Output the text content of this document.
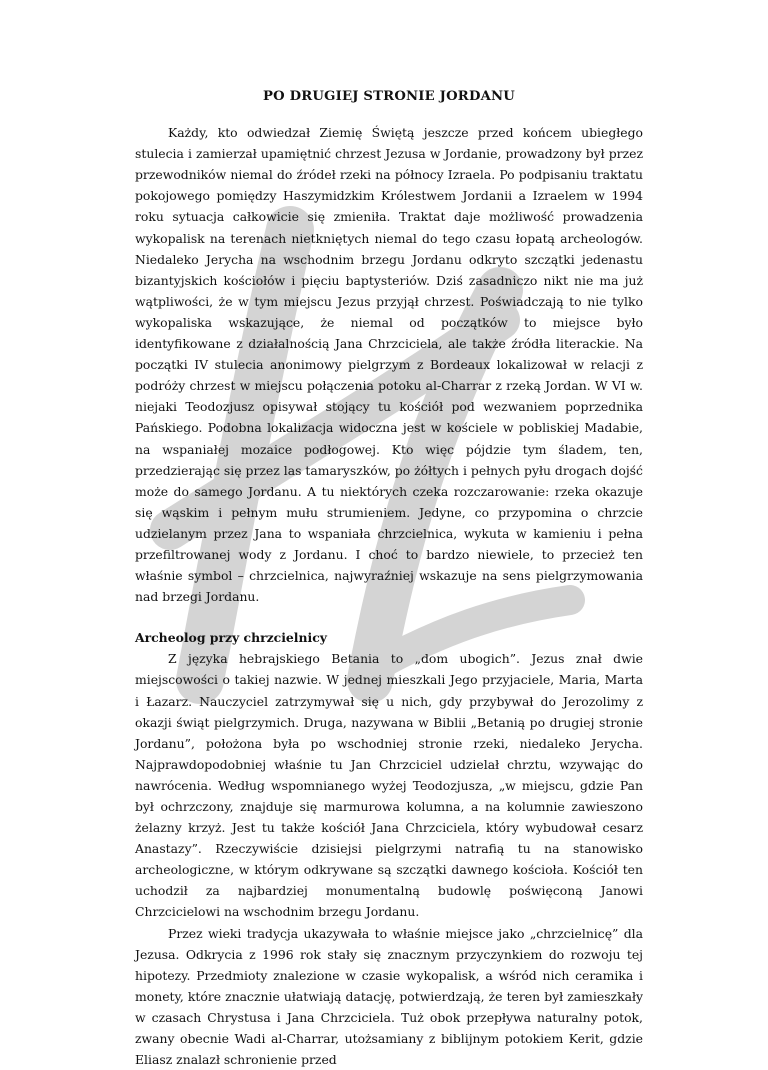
PO DRUGIEJ STRONIE JORDANU

Każdy, kto odwiedzał Ziemię Świętą jeszcze przed końcem ubiegłego stulecia i zamierzał upamiętnić chrzest Jezusa w Jordanie, prowadzony był przez przewodników niemal do źródeł rzeki na północy Izraela. Po podpisaniu traktatu pokojowego pomiędzy Haszymidzkim Królestwem Jordanii a Izraelem w 1994 roku sytuacja całkowicie się zmieniła. Traktat daje możliwość prowadzenia wykopalisk na terenach nietkniętych niemal do tego czasu łopatą archeologów. Niedaleko Jerycha na wschodnim brzegu Jordanu odkryto szczątki jedenastu bizantyjskich kościołów i pięciu baptysteriów. Dziś zasadniczo nikt nie ma już wątpliwości, że w tym miejscu Jezus przyjął chrzest. Poświadczają to nie tylko wykopaliska wskazujące, że niemal od początków to miejsce było identyfikowane z działalnością Jana Chrzciciela, ale także źródła literackie. Na początki IV stulecia anonimowy pielgrzym z Bordeaux lokalizował w relacji z podróży chrzest w miejscu połączenia potoku al-Charrar z rzeką Jordan. W VI w. niejaki Teodozjusz opisywał stojący tu kościół pod wezwaniem poprzednika Pańskiego. Podobna lokalizacja widoczna jest w kościele w pobliskiej Madabie, na wspaniałej mozaice podłogowej. Kto więc pójdzie tym śladem, ten, przedzierając się przez las tamaryszków, po żółtych i pełnych pyłu drogach dojść może do samego Jordanu. A tu niektórych czeka rozczarowanie: rzeka okazuje się wąskim i pełnym mułu strumieniem. Jedyne, co przypomina o chrzcie udzielanym przez Jana to wspaniała chrzcielnica, wykuta w kamieniu i pełna przefiltrowanej wody z Jordanu. I choć to bardzo niewiele, to przecież ten właśnie symbol – chrzcielnica, najwyraźniej wskazuje na sens pielgrzymowania nad brzegi Jordanu.

Archeolog przy chrzcielnicy

Z języka hebrajskiego Betania to „dom ubogich”. Jezus znał dwie miejscowości o takiej nazwie. W jednej mieszkali Jego przyjaciele, Maria, Marta i Łazarz. Nauczyciel zatrzymywał się u nich, gdy przybywał do Jerozolimy z okazji świąt pielgrzymich. Druga, nazywana w Biblii „Betanią po drugiej stronie Jordanu”, położona była po wschodniej stronie rzeki, niedaleko Jerycha. Najprawdopodobniej właśnie tu Jan Chrzciciel udzielał chrztu, wzywając do nawrócenia. Według wspomnianego wyżej Teodozjusza, „w miejscu, gdzie Pan był ochrzczony, znajduje się marmurowa kolumna, a na kolumnie zawieszono żelazny krzyż. Jest tu także kościół Jana Chrzciciela, który wybudował cesarz Anastazy”. Rzeczywiście dzisiejsi pielgrzymi natrafią tu na stanowisko archeologiczne, w którym odkrywane są szczątki dawnego kościoła. Kościół ten uchodził za najbardziej monumentalną budowlę poświęconą Janowi Chrzcicielowi na wschodnim brzegu Jordanu.

Przez wieki tradycja ukazywała to właśnie miejsce jako „chrzcielnicę” dla Jezusa. Odkrycia z 1996 rok stały się znacznym przyczynkiem do rozwoju tej hipotezy. Przedmioty znalezione w czasie wykopalisk, a wśród nich ceramika i monety, które znacznie ułatwiają datację, potwierdzają, że teren był zamieszkały w czasach Chrystusa i Jana Chrzciciela. Tuż obok przepływa naturalny potok, zwany obecnie Wadi al-Charrar, utożsamiany z biblijnym potokiem Kerit, gdzie Eliasz znalazł schronienie przed
